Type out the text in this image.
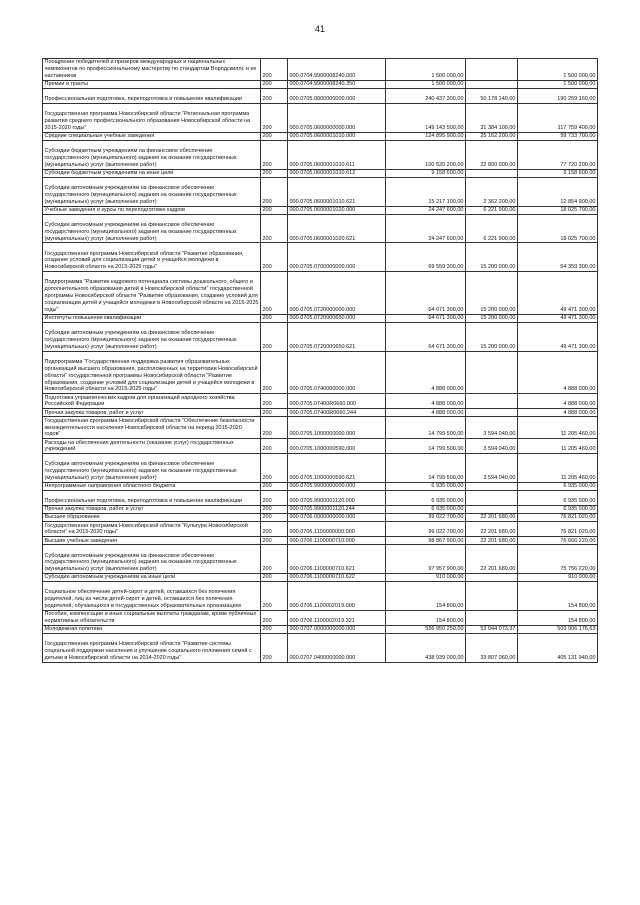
41
Поощрение победителей и призеров международных и национальных чемпионатов по профессиональному мастерству по стандартам Ворлдскиллс и их наставников	200	000.0704.9900008240.000	1 500 000,00		1 500 000,00
Премии и гранты	200	000.0704.9900008240.350	1 500 000,00		1 500 000,00
Профессиональная подготовка, переподготовка и повышение квалификации	200	000.0705.0000000000.000	240 437 300,00	50 178 140,00	190 259 160,00
Государственная программа Новосибирской области "Региональная программа развития среднего профессионального образования Новосибирской области на 2015-2020 годы"	200	000.0705.0600000000.000	149 143 500,00	31 384 100,00	117 759 400,00
Средние специальные учебные заведения	200	000.0705.0600001010.000	124 895 900,00	25 162 200,00	99 733 700,00
Субсидии бюджетным учреждениям на финансовое обеспечение государственного (муниципального) задания на оказание государственных (муниципальных) услуг (выполнение работ)	200	000.0705.0600001010.611	100 520 200,00	22 800 000,00	77 720 200,00
Субсидии бюджетным учреждениям на иные цели	200	000.0705.0600001010.612	9 158 600,00		9 158 600,00
Субсидии автономным учреждениям на финансовое обеспечение государственного (муниципального) задания на оказание государственных (муниципальных) услуг (выполнение работ)	200	000.0705.0600001010.621	15 217 100,00	2 362 200,00	12 854 900,00
Учебные заведения и курсы по переподготовке кадров	200	000.0705.0600001020.000	24 247 600,00	6 221 900,00	18 025 700,00
Субсидии автономным учреждениям на финансовое обеспечение государственного (муниципального) задания на оказание государственных (муниципальных) услуг (выполнение работ)	200	000.0705.0600001020.621	24 247 600,00	6 221 900,00	18 025 700,00
Государственная программа Новосибирской области "Развитие образования, создание условий для социализации детей и учащейся молодежи в Новосибирской области на 2015-2025 годы"	200	000.0705.0700000000.000	69 559 300,00	15 200 000,00	54 359 300,00
Подпрограмма "Развитие кадрового потенциала системы дошкольного, общего и дополнительного образования детей в Новосибирской области" государственной программы Новосибирской области "Развитие образования, создание условий для социализации детей и учащейся молодежи в Новосибирской области на 2015-2025 годы"	200	000.0705.0720000000.000	64 671 300,00	15 200 000,00	49 471 300,00
Институты повышения квалификации	200	000.0705.0720000650.000	64 671 300,00	15 200 000,00	49 471 300,00
Субсидии автономным учреждениям на финансовое обеспечение государственного (муниципального) задания на оказание государственных (муниципальных) услуг (выполнение работ)	200	000.0705.0720000650.621	64 671 300,00	15 200 000,00	49 471 300,00
Подпрограмма "Государственная поддержка развития образовательных организаций высшего образования, расположенных на территории Новосибирской области" государственной программы Новосибирской области "Развитие образования, создание условий для социализации детей и учащейся молодежи в Новосибирской области на 2015-2025 годы"	200	000.0705.0740000000.000	4 888 000,00		4 888 000,00
Подготовка управленческих кадров для организаций народного хозяйства Российской Федерации	200	000.0705.07400R0660.000	4 888 000,00		4 888 000,00
Прочая закупка товаров, работ и услуг	200	000.0705.07400R0660.244	4 888 000,00		4 888 000,00
Государственная программа Новосибирской области "Обеспечение безопасности жизнедеятельности населения Новосибирской области на период 2015-2020 годов"	200	000.0705.1000000000.000	14 799 500,00	3 594 040,00	11 205 460,00
Расходы на обеспечение деятельности (оказание услуг) государственных учреждений	200	000.0705.1000000590.000	14 799 500,00	3 594 040,00	11 205 460,00
Субсидии автономным учреждениям на финансовое обеспечение государственного (муниципального) задания на оказание государственных (муниципальных) услуг (выполнение работ)	200	000.0705.1000000590.621	14 799 500,00	3 594 040,00	11 205 460,00
Непрограммные направления областного бюджета	200	000.0705.9900000000.000	6 935 000,00		6 935 000,00
Профессиональная подготовка, переподготовка и повышение квалификации	200	000.0705.9900001120.000	6 935 000,00		6 935 000,00
Прочая закупка товаров, работ и услуг	200	000.0705.9900001120.244	6 935 000,00		6 935 000,00
Высшее образование	200	000.0706.0000000000.000	99 022 700,00	22 201 680,00	76 821 020,00
Государственная программа Новосибирской области "Культура Новосибирской области" на 2015-2020 годы"	200	000.0706.1100000000.000	99 022 700,00	22 201 680,00	76 821 020,00
Высшие учебные заведения	200	000.0706.1100000710.000	98 867 900,00	22 201 680,00	76 666 220,00
Субсидии автономным учреждениям на финансовое обеспечение государственного (муниципального) задания на оказание государственных (муниципальных) услуг (выполнение работ)	200	000.0706.1100000710.621	97 957 900,00	22 201 680,00	75 756 220,00
Субсидии автономным учреждениям на иные цели	200	000.0706.1100000710.622	910 000,00		910 000,00
Социальное обеспечение детей-сирот и детей, оставшихся без попечения родителей, лиц из числа детей-сирот и детей, оставшихся без попечения родителей, обучающихся в государственных образовательных организациях	200	000.0706.1100002019.000	154 800,00		154 800,00
Пособия, компенсации и иные социальные выплаты гражданам, кроме публичных нормативных обязательств	200	000.0706.1100002019.321	154 800,00		154 800,00
Молодежная политика	200	000.0707.0000000000.000	556 950 250,00	53 044 073,37	503 906 176,63
Государственная программа Новосибирской области "Развитие системы социальной поддержки населения и улучшение социального положения семей с детьми в Новосибирской области на 2014-2020 годы"	200	000.0707.0400000000.000	438 939 000,00	33 807 060,00	405 131 940,00
